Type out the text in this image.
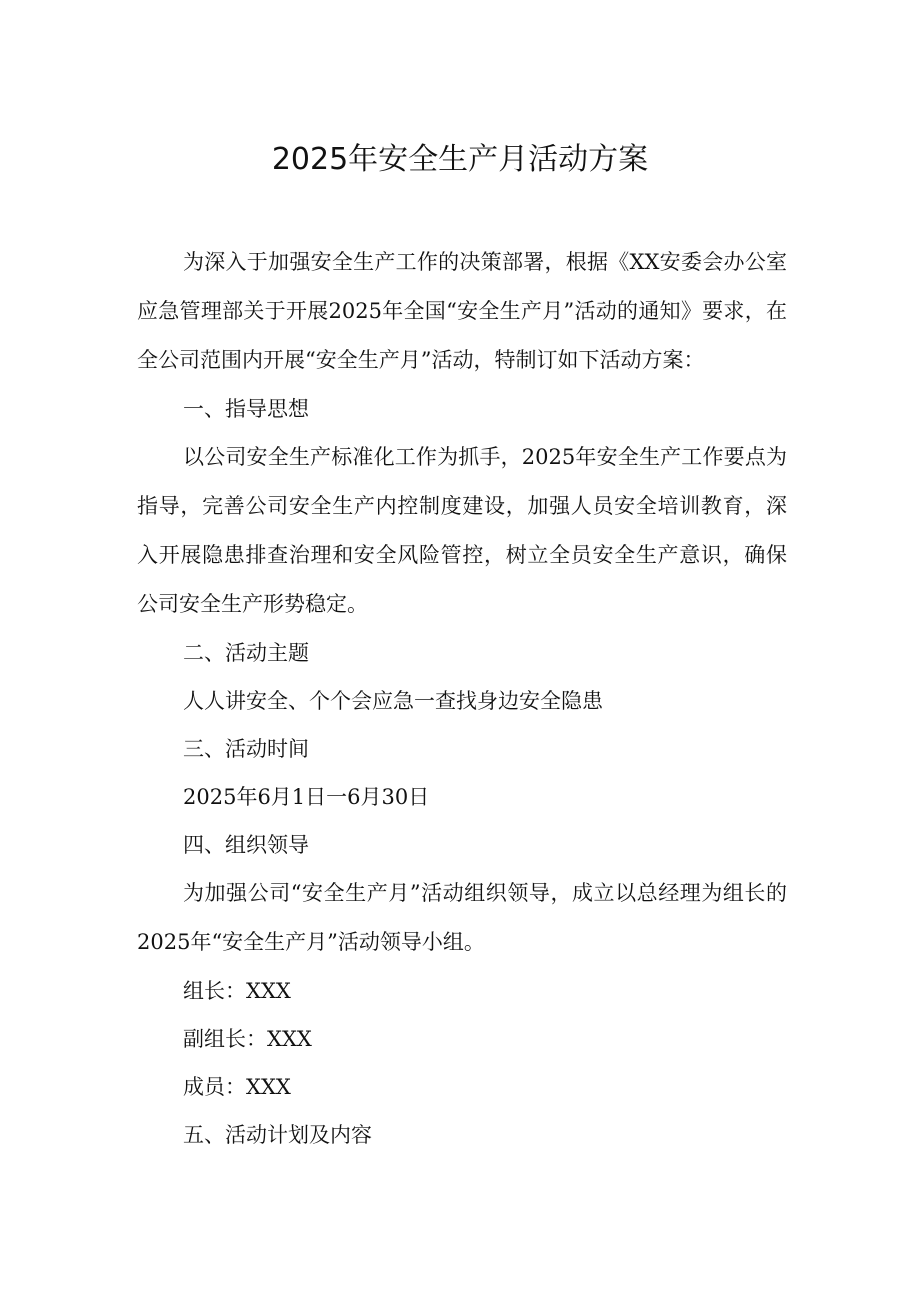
2025年安全生产月活动方案

为深入于加强安全生产工作的决策部署，根据《XX安委会办公室应急管理部关于开展2025年全国“安全生产月”活动的通知》要求，在全公司范围内开展“安全生产月”活动，特制订如下活动方案：

一、指导思想

以公司安全生产标准化工作为抓手，2025年安全生产工作要点为指导，完善公司安全生产内控制度建设，加强人员安全培训教育，深入开展隐患排查治理和安全风险管控，树立全员安全生产意识，确保公司安全生产形势稳定。

二、活动主题

人人讲安全、个个会应急一查找身边安全隐患

三、活动时间

2025年6月1日一6月30日

四、组织领导

为加强公司“安全生产月”活动组织领导，成立以总经理为组长的2025年“安全生产月”活动领导小组。

组长：XXX

副组长：XXX

成员：XXX

五、活动计划及内容
